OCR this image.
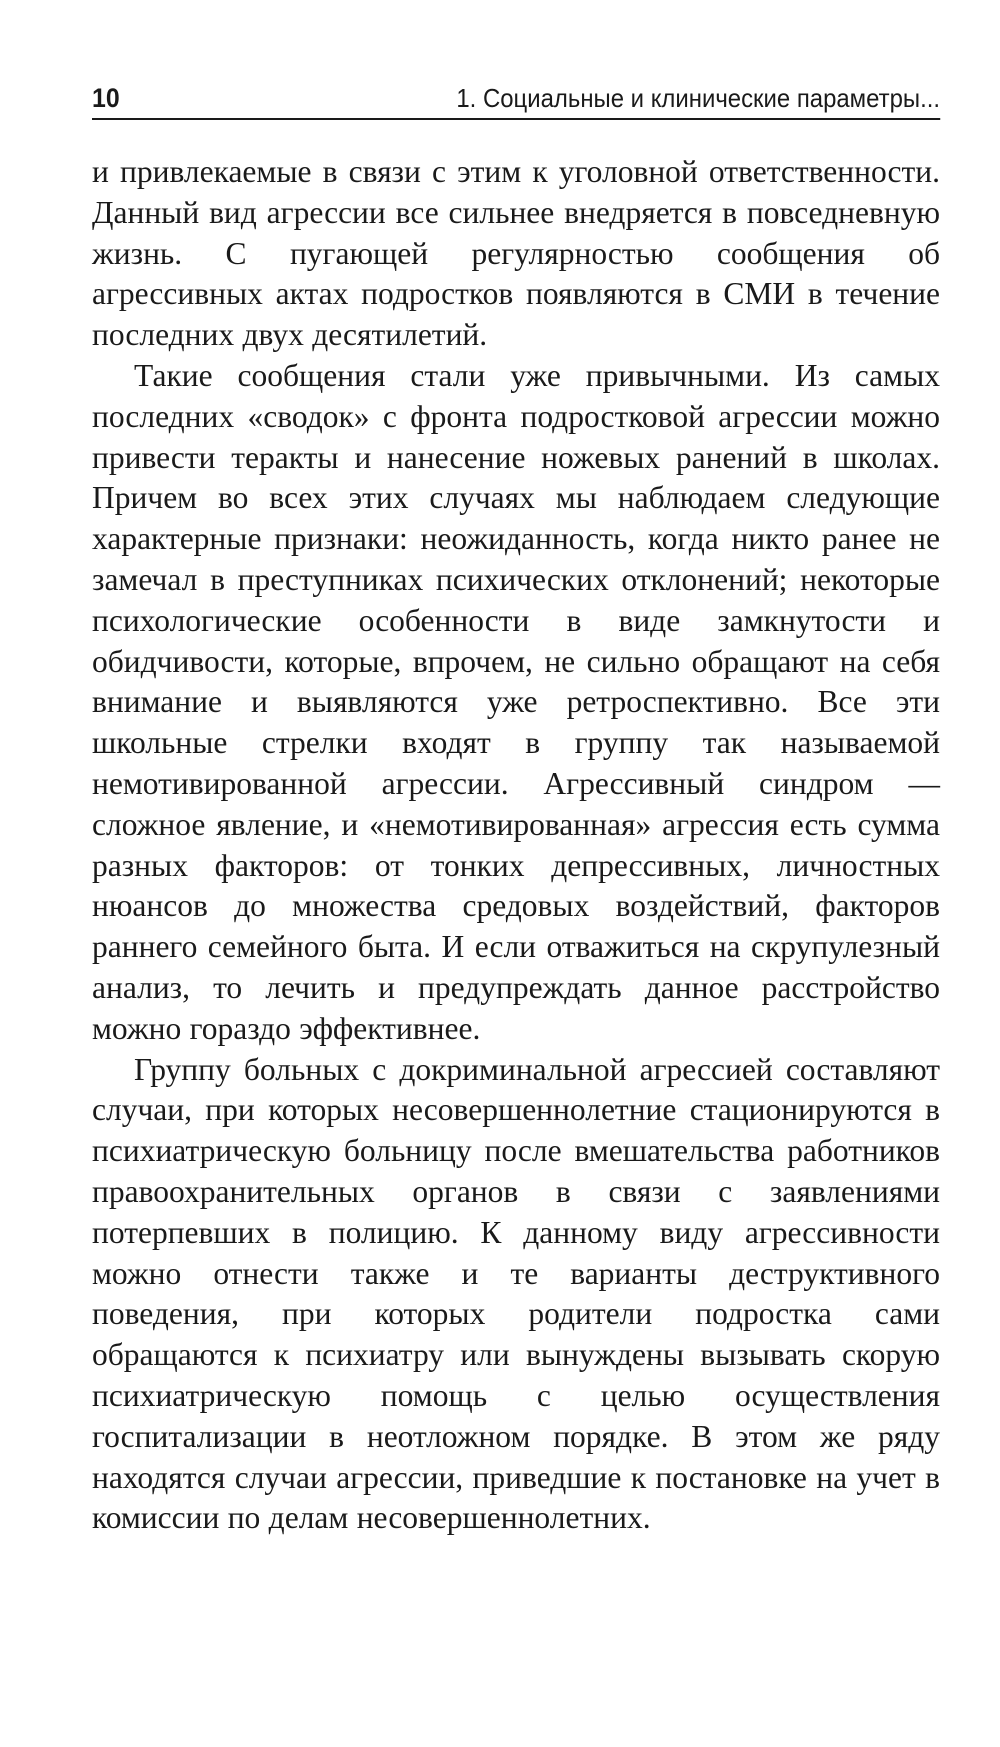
10	1. Социальные и клинические параметры...

и привлекаемые в связи с этим к уголовной ответственности. Данный вид агрессии все сильнее внедряется в повседневную жизнь. С пугающей регулярностью сообщения об агрессивных актах подростков появляются в СМИ в течение последних двух десятилетий.

Такие сообщения стали уже привычными. Из самых последних «сводок» с фронта подростковой агрессии можно привести теракты и нанесение ножевых ранений в школах. Причем во всех этих случаях мы наблюдаем следующие характерные признаки: неожиданность, когда никто ранее не замечал в преступниках психических отклонений; некоторые психологические особенности в виде замкнутости и обидчивости, которые, впрочем, не сильно обращают на себя внимание и выявляются уже ретроспективно. Все эти школьные стрелки входят в группу так называемой немотивированной агрессии. Агрессивный синдром — сложное явление, и «немотивированная» агрессия есть сумма разных факторов: от тонких депрессивных, личностных нюансов до множества средовых воздействий, факторов раннего семейного быта. И если отважиться на скрупулезный анализ, то лечить и предупреждать данное расстройство можно гораздо эффективнее.

Группу больных с докриминальной агрессией составляют случаи, при которых несовершеннолетние стационируются в психиатрическую больницу после вмешательства работников правоохранительных органов в связи с заявлениями потерпевших в полицию. К данному виду агрессивности можно отнести также и те варианты деструктивного поведения, при которых родители подростка сами обращаются к психиатру или вынуждены вызывать скорую психиатрическую помощь с целью осуществления госпитализации в неотложном порядке. В этом же ряду находятся случаи агрессии, приведшие к постановке на учет в комиссии по делам несовершеннолетних.
